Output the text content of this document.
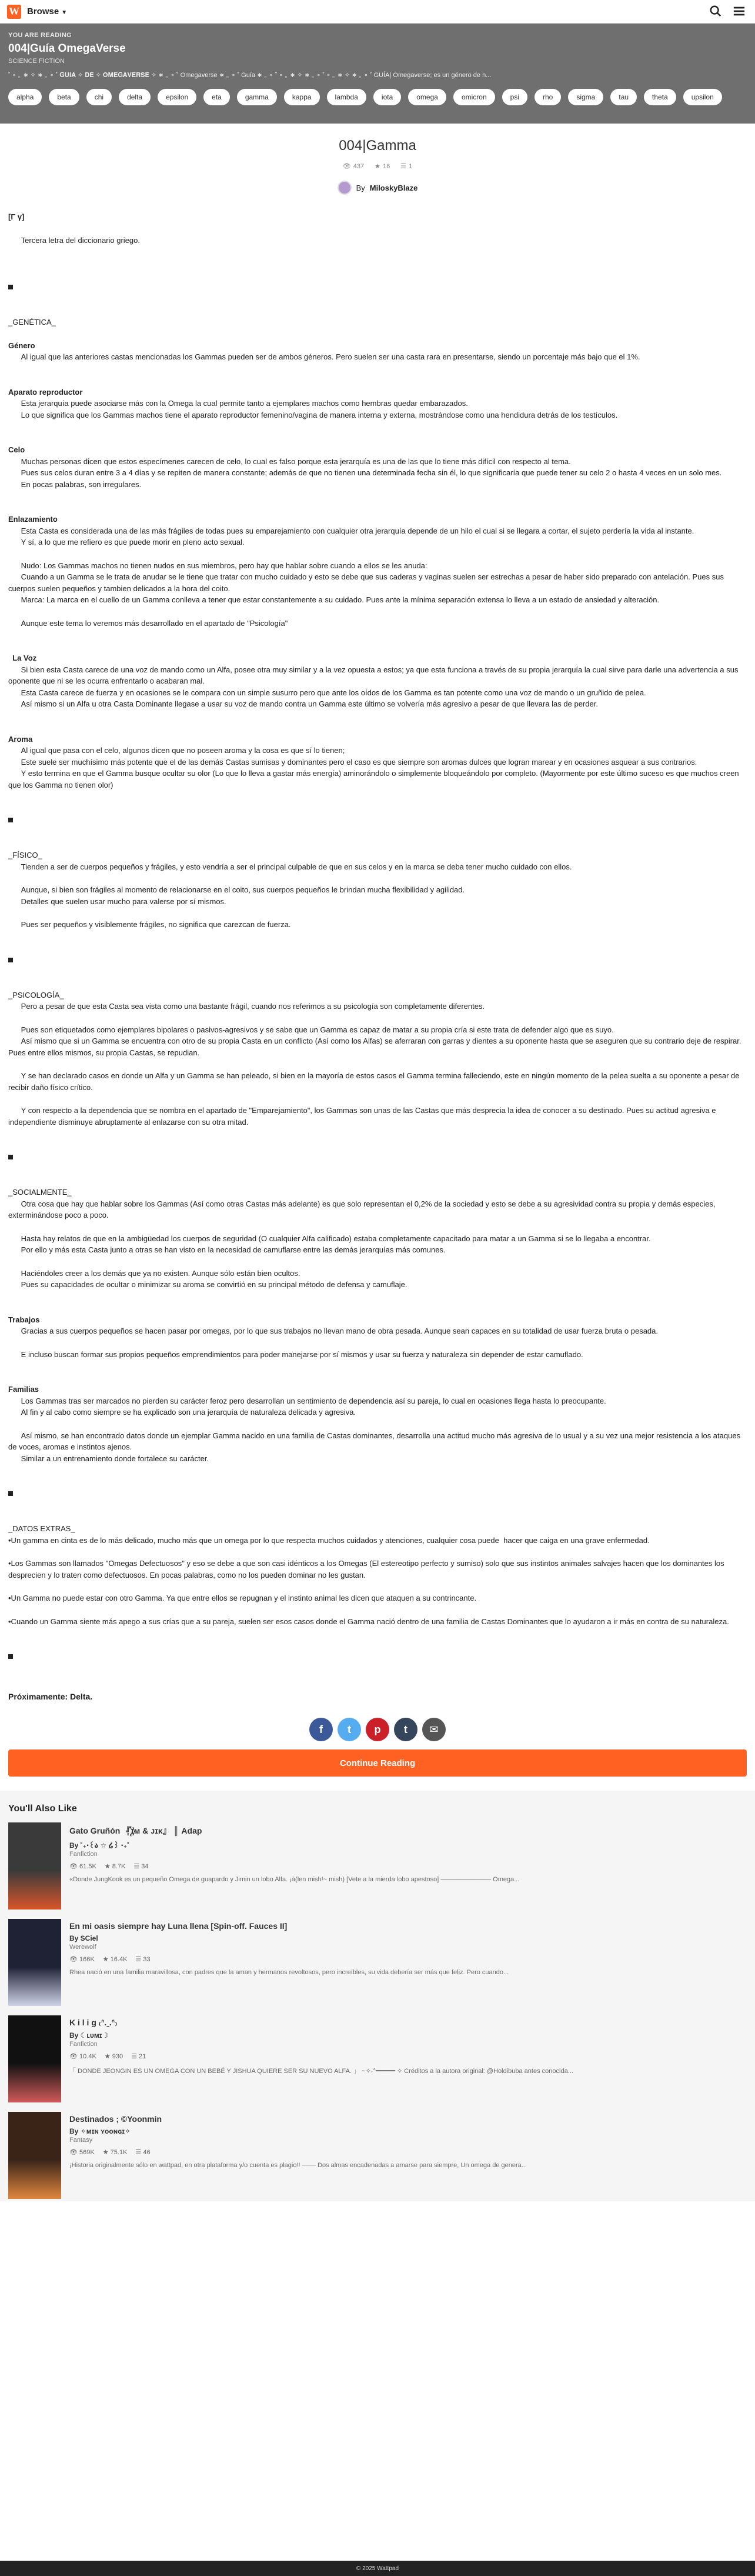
W Browse ▼
YOU ARE READING
004|Guía OmegaVerse
SCIENCE FICTION
˚ ∘ ｡ ∗ ✧ ∗ ｡ ∘ ˚ 𝐆𝐔𝐈𝐀 ✧ 𝐃𝐄 ✧ 𝐎𝐌𝐄𝐆𝐀𝐕𝐄𝐑𝐒𝐄 ✧ ∗ ｡ ∘ ˚ Omegaverse ∗ ｡ ∘ ˚ Guía ∗ ｡ ∘ ˚ ∘ ｡ ∗ ✧ ∗ ｡ ∘ ˚ ∘ ｡ ∗ ✧ ∗ ｡ ∘ ˚ GUÍA| Omegaverse; es un género de n...
alpha	beta	chi	delta	epsilon	eta	gamma	kappa	lambda	iota	omega	omicron	psi	rho	sigma	tau	theta	upsilon
004|Gamma
👁 437 ★ 16 ☰ 1
By MiloskyBlaze
[Γ γ]
Tercera letra del diccionario griego.
_GENÉTICA_
Género
Al igual que las anteriores castas mencionadas los Gammas pueden ser de ambos géneros. Pero suelen ser una casta rara en presentarse, siendo un porcentaje más bajo que el 1%.
Aparato reproductor
Esta jerarquía puede asociarse más con la Omega la cual permite tanto a ejemplares machos como hembras quedar embarazados.
Lo que significa que los Gammas machos tiene el aparato reproductor femenino/vagina de manera interna y externa, mostrándose como una hendidura detrás de los testículos.
Celo
Muchas personas dicen que estos especímenes carecen de celo, lo cual es falso porque esta jerarquía es una de las que lo tiene más difícil con respecto al tema.
Pues sus celos duran entre 3 a 4 días y se repiten de manera constante; además de que no tienen una determinada fecha sin él, lo que significaría que puede tener su celo 2 o hasta 4 veces en un solo mes.
En pocas palabras, son irregulares.
Enlazamiento
Esta Casta es considerada una de las más frágiles de todas pues su emparejamiento con cualquier otra jerarquía depende de un hilo el cual si se llegara a cortar, el sujeto perdería la vida al instante.
Y sí, a lo que me refiero es que puede morir en pleno acto sexual.
Nudo: Los Gammas machos no tienen nudos en sus miembros, pero hay que hablar sobre cuando a ellos se les anuda:
Cuando a un Gamma se le trata de anudar se le tiene que tratar con mucho cuidado y esto se debe que sus caderas y vaginas suelen ser estrechas a pesar de haber sido preparado con antelación. Pues sus cuerpos suelen pequeños y tambien delicados a la hora del coito.
Marca: La marca en el cuello de un Gamma conlleva a tener que estar constantemente a su cuidado. Pues ante la mínima separación extensa lo lleva a un estado de ansiedad y alteración.
Aunque este tema lo veremos más desarrollado en el apartado de "Psicología"
La Voz
Si bien esta Casta carece de una voz de mando como un Alfa, posee otra muy similar y a la vez opuesta a estos; ya que esta funciona a través de su propia jerarquía la cual sirve para darle una advertencia a sus oponente que ni se les ocurra enfrentarlo o acabaran mal.
Esta Casta carece de fuerza y en ocasiones se le compara con un simple susurro pero que ante los oídos de los Gamma es tan potente como una voz de mando o un gruñido de pelea.
Así mismo si un Alfa u otra Casta Dominante llegase a usar su voz de mando contra un Gamma este último se volvería más agresivo a pesar de que llevara las de perder.
Aroma
Al igual que pasa con el celo, algunos dicen que no poseen aroma y la cosa es que sí lo tienen;
Este suele ser muchísimo más potente que el de las demás Castas sumisas y dominantes pero el caso es que siempre son aromas dulces que logran marear y en ocasiones asquear a sus contrarios.
Y esto termina en que el Gamma busque ocultar su olor (Lo que lo lleva a gastar más energía) aminorándolo o simplemente bloqueándolo por completo. (Mayormente por este último suceso es que muchos creen que los Gamma no tienen olor)
_FÍSICO_
Tienden a ser de cuerpos pequeños y frágiles, y esto vendría a ser el principal culpable de que en sus celos y en la marca se deba tener mucho cuidado con ellos.
Aunque, si bien son frágiles al momento de relacionarse en el coito, sus cuerpos pequeños le brindan mucha flexibilidad y agilidad.
Detalles que suelen usar mucho para valerse por sí mismos.
Pues ser pequeños y visiblemente frágiles, no significa que carezcan de fuerza.
_PSICOLOGÍA_
Pero a pesar de que esta Casta sea vista como una bastante frágil, cuando nos referimos a su psicología son completamente diferentes.
Pues son etiquetados como ejemplares bipolares o pasivos-agresivos y se sabe que un Gamma es capaz de matar a su propia cría si este trata de defender algo que es suyo.
Así mismo que si un Gamma se encuentra con otro de su propia Casta en un conflicto (Así como los Alfas) se aferraran con garras y dientes a su oponente hasta que se aseguren que su contrario deje de respirar. Pues entre ellos mismos, su propia Castas, se repudian.
Y se han declarado casos en donde un Alfa y un Gamma se han peleado, si bien en la mayoría de estos casos el Gamma termina falleciendo, este en ningún momento de la pelea suelta a su oponente a pesar de recibir daño físico crítico.
Y con respecto a la dependencia que se nombra en el apartado de "Emparejamiento", los Gammas son unas de las Castas que más desprecia la idea de conocer a su destinado. Pues su actitud agresiva e independiente disminuye abruptamente al enlazarse con su otra mitad.
_SOCIALMENTE_
Otra cosa que hay que hablar sobre los Gammas (Así como otras Castas más adelante) es que solo representan el 0,2% de la sociedad y esto se debe a su agresividad contra su propia y demás especies, exterminándose poco a poco.
Hasta hay relatos de que en la ambigüedad los cuerpos de seguridad (O cualquier Alfa calificado) estaba completamente capacitado para matar a un Gamma si se lo llegaba a encontrar.
Por ello y más esta Casta junto a otras se han visto en la necesidad de camuflarse entre las demás jerarquías más comunes.
Haciéndoles creer a los demás que ya no existen. Aunque sólo están bien ocultos.
Pues su capacidades de ocultar o minimizar su aroma se convirtió en su principal método de defensa y camuflaje.
Trabajos
Gracias a sus cuerpos pequeños se hacen pasar por omegas, por lo que sus trabajos no llevan mano de obra pesada. Aunque sean capaces en su totalidad de usar fuerza bruta o pesada.
E incluso buscan formar sus propios pequeños emprendimientos para poder manejarse por sí mismos y usar su fuerza y naturaleza sin depender de estar camuflado.
Familias
Los Gammas tras ser marcados no pierden su carácter feroz pero desarrollan un sentimiento de dependencia así su pareja, lo cual en ocasiones llega hasta lo preocupante.
Al fin y al cabo como siempre se ha explicado son una jerarquía de naturaleza delicada y agresiva.
Así mismo, se han encontrado datos donde un ejemplar Gamma nacido en una familia de Castas dominantes, desarrolla una actitud mucho más agresiva de lo usual y a su vez una mejor resistencia a los ataques de voces, aromas e instintos ajenos.
Similar a un entrenamiento donde fortalece su carácter.
_DATOS EXTRAS_
•Un gamma en cinta es de lo más delicado, mucho más que un omega por lo que respecta muchos cuidados y atenciones, cualquier cosa puede  hacer que caiga en una grave enfermedad.
•Los Gammas son llamados "Omegas Defectuosos" y eso se debe a que son casi idénticos a los Omegas (El estereotipo perfecto y sumiso) solo que sus instintos animales salvajes hacen que los dominantes los desprecien y lo traten como defectuosos. En pocas palabras, como no los pueden dominar no les gustan.
•Un Gamma no puede estar con otro Gamma. Ya que entre ellos se repugnan y el instinto animal les dicen que ataquen a su contrincante.
•Cuando un Gamma siente más apego a sus crías que a su pareja, suelen ser esos casos donde el Gamma nació dentro de una familia de Castas Dominantes que lo ayudaron a ir más en contra de su naturaleza.
Próximamente: Delta.
f	t	p	t	✉
Continue Reading
You'll Also Like
Gato Gruñón 『꙰ɪᴍ & ᴊɪᴋ』 ║ Adap
By ˚₊‧꒰ა ☆ ໒꒱ ‧₊˚
Fanfiction
👁 61.5K ★ 8.7K ☰ 34
«Donde JungKook es un pequeño Omega de guapardo y Jimin un lobo Alfa. ¡à(len mish!~ mish) [Vete a la mierda lobo apestoso] ─────────── Omega...
En mi oasis siempre hay Luna llena [Spin-off. Fauces II]
By SCiel
Werewolf
👁 166K ★ 16.4K ☰ 33
Rhea nació en una familia maravillosa, con padres que la aman y hermanos revoltosos, pero increíbles, su vida debería ser más que feliz. Pero cuando...
K i l i g ₍ᐢ.ˬ.ᐢ₎
By ☾ʟᴜᴍɪ☽
Fanfiction
👁 10.4K ★ 930 ☰ 21
「 DONDE JEONGIN ES UN OMEGA CON UN BEBÉ Y JISHUA QUIERE SER SU NUEVO ALFA. 」 ~✧˖°━━━━━ ✧ Créditos a la autora original: @Holdibuba antes conocida...
Destinados ; ©Yoonmin
By ✧ᴍɪɴ ʏᴏᴏɴɢɪ✧
Fantasy
👁 569K ★ 75.1K ☰ 46
¡Historia originalmente sólo en wattpad, en otra plataforma y/o cuenta es plagio!! ─── Dos almas encadenadas a amarse para siempre, Un omega de genera...
© 2025 Wattpad
